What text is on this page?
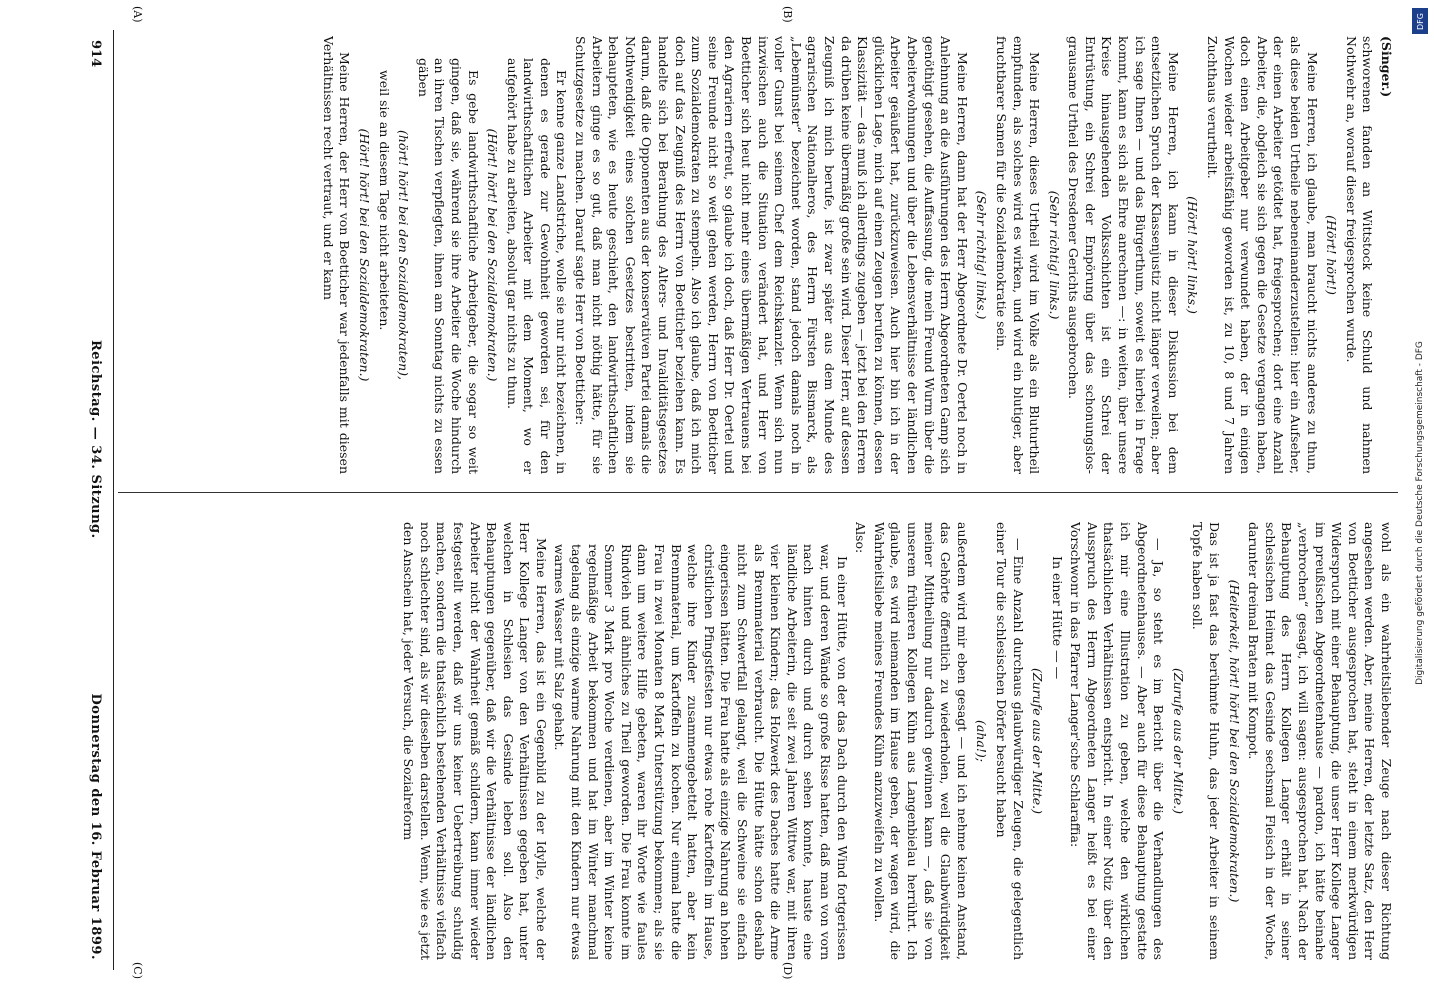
914
Reichstag. — 34. Sitzung.
Donnerstag den 16. Februar 1899.

(Singer.)

schworenen fanden an Wittstock keine Schuld und nahmen Nothwehr an, worauf dieser freigesprochen wurde.

(Hört! hört!)

Meine Herren, ich glaube, man braucht nichts anderes zu thun, als diese beiden Urtheile nebeneinanderzustellen: hier ein Aufseher, der einen Arbeiter getödtet hat, freigesprochen; dort eine Anzahl Arbeiter, die, obgleich sie sich gegen die Gesetze vergangen haben, doch einen Arbeitgeber nur verwundet haben, der in einigen Wochen wieder arbeitsfähig geworden ist, zu 10, 8 und 7 Jahren Zuchthaus verurtheilt.

(Hört! hört! links.)

Meine Herren, ich kann in dieser Diskussion bei dem entsetzlichen Spruch der Klassenjustiz nicht länger verweilen; aber ich sage Ihnen — und das Bürgerthum, soweit es hierbei in Frage kommt, kann es sich als Ehre anrechnen —: in weiten, über unsere Kreise hinausgehenden Volksschichten ist ein Schrei der Entrüstung, ein Schrei der Empörung über das schonungslos-grausame Urtheil des Dresdener Gerichts ausgebrochen.

(Sehr richtig! links.)

Meine Herren, dieses Urtheil wird im Volke als ein Bluturtheil empfunden, als solches wird es wirken, und wird ein blutiger, aber fruchtbarer Samen für die Sozialdemokratie sein.

(Sehr richtig! links.)

Meine Herren, dann hat der Herr Abgeordnete Dr. Oertel noch in Anlehnung an die Ausführungen des Herrn Abgeordneten Gamp sich genöthigt gesehen, die Auffassung, die mein Freund Wurm über die Arbeiterwohnungen und über die Lebensverhältnisse der ländlichen Arbeiter geäußert hat, zurückzuweisen. Auch hier bin ich in der glücklichen Lage, mich auf einen Zeugen berufen zu können, dessen Klassizität — das muß ich allerdings zugeben — jetzt bei den Herren da drüben keine übermäßig große sein wird. Dieser Herr, auf dessen Zeugniß ich mich berufe, ist zwar später aus dem Munde des agrarischen Nationalheros, des Herrn Fürsten Bismarck, als „Lebemünster“ bezeichnet worden, stand jedoch damals noch in voller Gunst bei seinem Chef dem Reichskanzler. Wenn sich nun inzwischen auch die Situation verändert hat, und Herr von Boetticher sich heut nicht mehr eines übermäßigen Vertrauens bei den Agrariern erfreut, so glaube ich doch, daß Herr Dr. Oertel und seine Freunde nicht so weit gehen werden, Herrn von Boetticher zum Sozialdemokraten zu stempeln. Also ich glaube, daß ich mich doch auf das Zeugniß des Herrn von Boetticher beziehen kann. Es handelte sich bei Berathung des Alters- und Invaliditätsgesetzes darum, daß die Opponenten aus der konservativen Partei damals die Nothwendigkeit eines solchen Gesetzes bestritten, indem sie behaupteten, wie es heute geschieht, den landwirthschaftlichen Arbeitern ginge es so gut, daß man nicht nöthig hätte, für sie Schutzgesetze zu machen. Darauf sagte Herr von Boetticher:

Er kenne ganze Landstriche, wolle sie nur nicht bezeichnen, in denen es gerade zur Gewohnheit geworden sei, für den landwirthschaftlichen Arbeiter mit dem Moment, wo er aufgehört habe zu arbeiten, absolut gar nichts zu thun.

(Hört! hört! bei den Sozialdemokraten.)

Es gebe landwirthschaftliche Arbeitgeber, die sogar so weit gingen, daß sie, während sie ihre Arbeiter die Woche hindurch an ihren Tischen verpflegten, ihnen am Sonntag nichts zu essen gäben

(hört! hört! bei den Sozialdemokraten),

weil sie an diesem Tage nicht arbeiteten.

(Hört! hört! bei den Sozialdemokraten.)

Meine Herren, der Herr von Boetticher war jedenfalls mit diesen Verhältnissen recht vertraut, und er kann

wohl als ein wahrheitsliebender Zeuge nach dieser Richtung angesehen werden. Aber, meine Herren, der letzte Satz, den Herr von Boetticher ausgesprochen hat, steht in einem merkwürdigen Widerspruch mit einer Behauptung, die unser Herr Kollege Langer im preußischen Abgeordnetenhause — pardon, ich hätte beinahe „verbrochen“ gesagt, ich will sagen: ausgesprochen hat. Nach der Behauptung des Herrn Kollegen Langer erhält in seiner schlesischen Heimat das Gesinde sechsmal Fleisch in der Woche, darunter dreimal Braten mit Kompot.

(Heiterkeit, hört! hört! bei den Sozialdemokraten.)

Das ist ja fast das berühmte Huhn, das jeder Arbeiter in seinem Topfe haben soll.

(Zurufe aus der Mitte.)

— Ja, so steht es im Bericht über die Verhandlungen des Abgeordnetenhauses. — Aber auch für diese Behauptung gestatte ich mir eine Illustration zu geben, welche den wirklichen thatsächlichen Verhältnissen entspricht. In einer Notiz über den Ausspruch des Herrn Abgeordneten Langer heißt es bei einer Vorschwonr in das Pfarrer Langer'sche Schlaraffia:

In einer Hütte — —

(Zurufe aus der Mitte.)

— Eine Anzahl durchaus glaubwürdiger Zeugen, die gelegentlich einer Tour die schlesischen Dörfer besucht haben

(aha!);

außerdem wird mir eben gesagt — und ich nehme keinen Anstand, das Gehörte öffentlich zu wiederholen, weil die Glaubwürdigkeit meiner Mittheilung nur dadurch gewinnen kann —, daß sie von unserem früheren Kollegen Kühn aus Langenbielau herrührt. Ich glaube, es wird niemanden im Hause geben, der wagen wird, die Wahrheitsliebe meines Freundes Kühn anzuzweifeln zu wollen.

Also:

In einer Hütte, von der das Dach durch den Wind fortgerissen war, und deren Wände so große Risse hatten, daß man von vorn nach hinten durch und durch sehen konnte, hauste eine ländliche Arbeiterin, die seit zwei Jahren Wittwe war, mit ihren vier kleinen Kindern; das Holzwerk des Daches hatte die Arme als Brennmaterial verbraucht. Die Hütte hätte schon deshalb nicht zum Schwertfall gelangt, weil die Schweine sie einfach eingerissen hätten. Die Frau hatte als einzige Nahrung an hohen christlichen Pfingstfesten nur etwas rohe Kartoffeln im Hause, welche ihre Kinder zusammengebettelt hatten, aber kein Brennmaterial, um Kartoffeln zu kochen. Nur einmal hatte die Frau in zwei Monaten 8 Mark Unterstützung bekommen; als sie dann um weitere Hilfe gebeten, waren ihr Worte wie faules Rindvieh und ähnliches zu Theil geworden. Die Frau konnte im Sommer 3 Mark pro Woche verdienen, aber im Winter keine regelmäßige Arbeit bekommen und hat im Winter manchmal tagelang als einzige warme Nahrung mit den Kindern nur etwas warmes Wasser mit Salz gehabt.

Meine Herren, das ist ein Gegenbild zu der Idylle, welche der Herr Kollege Langer von den Verhältnissen gegeben hat, unter welchen in Schlesien das Gesinde leben soll. Also den Behauptungen gegenüber, daß wir die Verhältnisse der ländlichen Arbeiter nicht der Wahrheit gemäß schildern, kann immer wieder festgestellt werden, daß wir uns keiner Uebertreibung schuldig machen, sondern die thatsächlich bestehenden Verhältnisse vielfach noch schlechter sind, als wir dieselben darstellen. Wenn, wie es jetzt den Anschein hat, jeder Versuch, die Sozialreform

(A)	(B)
(C)	(D)
DFG
Digitalisierung gefördert durch die Deutsche Forschungsgemeinschaft - DFG
